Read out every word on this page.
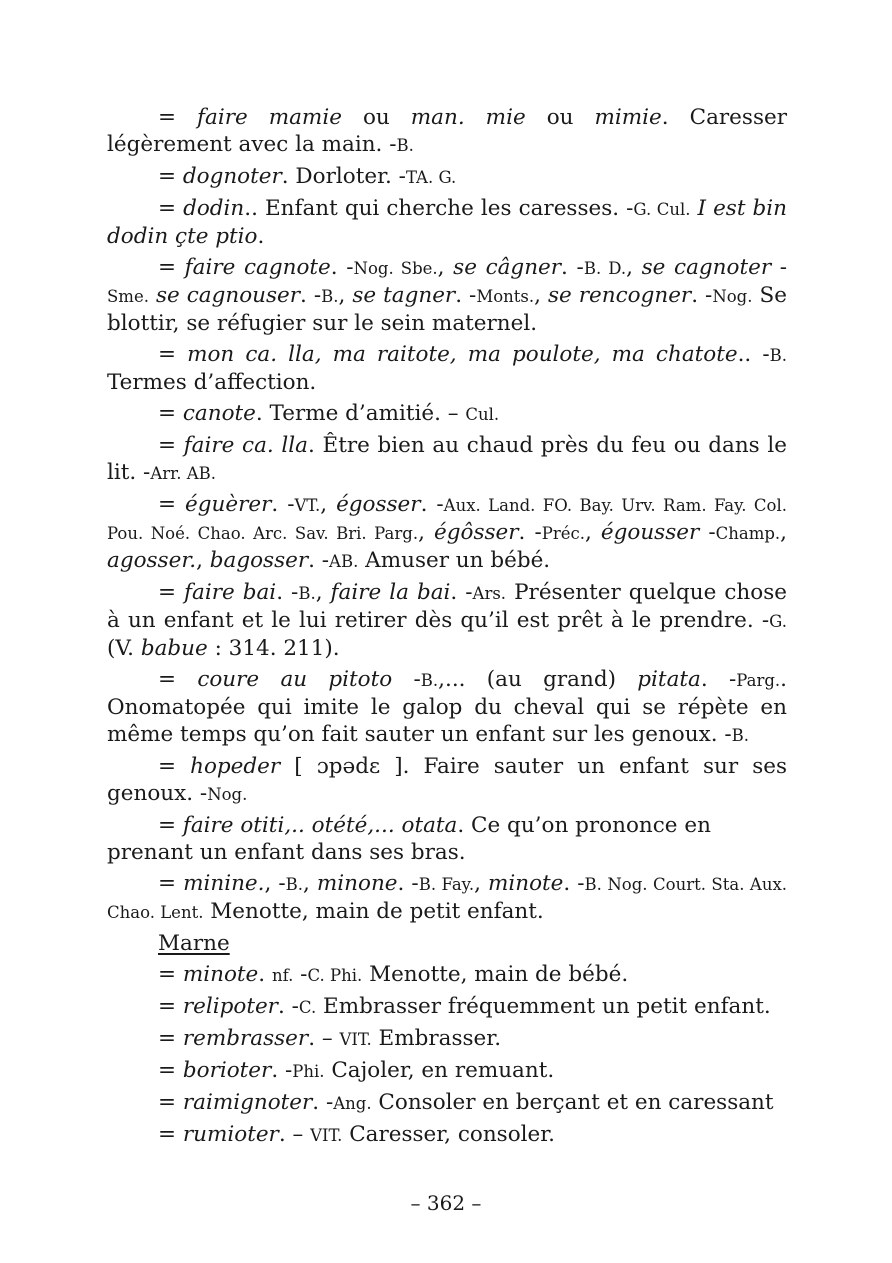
= faire mamie ou man. mie ou mimie. Caresser légèrement avec la main. -B.

= dognoter. Dorloter. -TA. G.

= dodin.. Enfant qui cherche les caresses. -G. Cul. I est bin dodin çte ptio.

= faire cagnote. -Nog. Sbe., se câgner. -B. D., se cagnoter -Sme. se cagnouser. -B., se tagner. -Monts., se rencogner. -Nog. Se blottir, se réfugier sur le sein maternel.

= mon ca. lla, ma raitote, ma poulote, ma chatote.. -B. Termes d’affection.

= canote. Terme d’amitié. – Cul.

= faire ca. lla. Être bien au chaud près du feu ou dans le lit. -Arr. AB.

= éguèrer. -VT., égosser. -Aux. Land. FO. Bay. Urv. Ram. Fay. Col. Pou. Noé. Chao. Arc. Sav. Bri. Parg., égôsser. -Préc., égousser -Champ., agosser., bagosser. -AB. Amuser un bébé.

= faire bai. -B., faire la bai. -Ars. Présenter quelque chose à un enfant et le lui retirer dès qu’il est prêt à le prendre. -G. (V. babue : 314. 211).

= coure au pitoto -B.,... (au grand) pitata. -Parg.. Onomatopée qui imite le galop du cheval qui se répète en même temps qu’on fait sauter un enfant sur les genoux. -B.

= hopeder [ ɔpədɛ ]. Faire sauter un enfant sur ses genoux. -Nog.

= faire otiti,.. otété,... otata. Ce qu’on prononce en prenant un enfant dans ses bras.

= minine., -B., minone. -B. Fay., minote. -B. Nog. Court. Sta. Aux. Chao. Lent. Menotte, main de petit enfant.

Marne

= minote. nf. -C. Phi. Menotte, main de bébé.

= relipoter. -C. Embrasser fréquemment un petit enfant.

= rembrasser. – VIT. Embrasser.

= borioter. -Phi. Cajoler, en remuant.

= raimignoter. -Ang. Consoler en berçant et en caressant

= rumioter. – VIT. Caresser, consoler.

– 362 –
